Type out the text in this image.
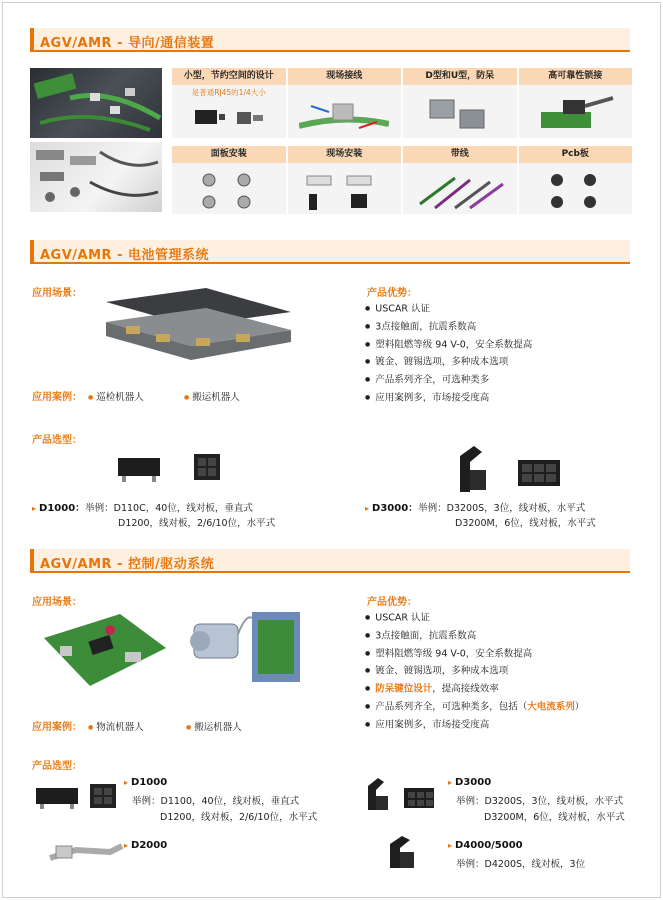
AGV/AMR - 导向/通信装置
小型，节约空间的设计
是普通RJ45的1/4大小
现场接线	D型和U型，防呆	高可靠性锁接
面板安装	现场安装	带线	Pcb板
AGV/AMR - 电池管理系统
应用场景：
应用案例： ● 巡检机器人	● 搬运机器人
产品优势：
● USCAR 认证
● 3点接触面，抗震系数高
● 塑料阻燃等级 94 V-0，安全系数提高
● 镀金、镀锡选项，多种成本选项
● 产品系列齐全，可选种类多
● 应用案例多，市场接受度高
产品选型：
▸ D1000：举例：D110C，40位，线对板，垂直式
D1200，线对板，2/6/10位，水平式
▸ D3000：举例：D3200S，3位，线对板，水平式
D3200M，6位，线对板，水平式
AGV/AMR - 控制/驱动系统
应用场景：
应用案例： ● 物流机器人	● 搬运机器人
产品优势：
● USCAR 认证
● 3点接触面，抗震系数高
● 塑料阻燃等级 94 V-0，安全系数提高
● 镀金、镀锡选项，多种成本选项
● 防呆键位设计，提高接线效率
● 产品系列齐全，可选种类多，包括（大电流系列）
● 应用案例多，市场接受度高
产品选型：
▸ D1000
举例：D1100，40位，线对板，垂直式
D1200，线对板，2/6/10位，水平式
▸ D2000
▸ D3000
举例：D3200S，3位，线对板，水平式
D3200M，6位，线对板，水平式
▸ D4000/5000
举例：D4200S，线对板，3位
